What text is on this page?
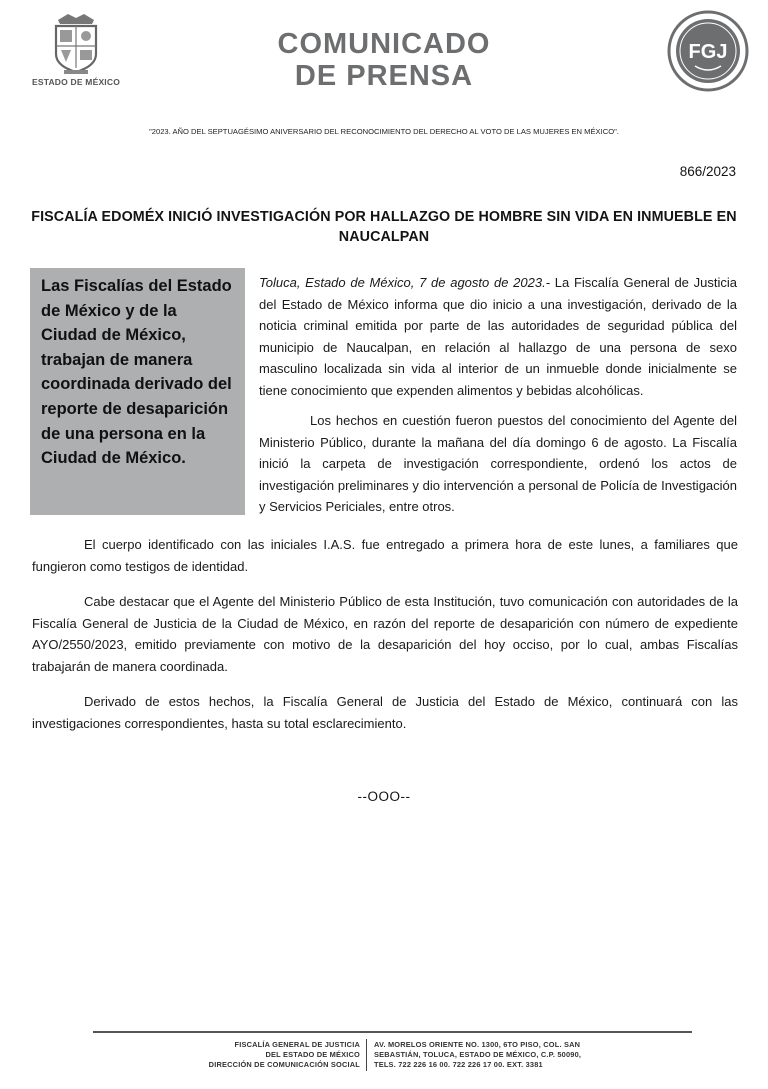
ESTADO DE MÉXICO
COMUNICADO
DE PRENSA
FGJ
"2023. AÑO DEL SEPTUAGÉSIMO ANIVERSARIO DEL RECONOCIMIENTO DEL DERECHO AL VOTO DE LAS MUJERES EN MÉXICO".
866/2023
FISCALÍA EDOMÉX INICIÓ INVESTIGACIÓN POR HALLAZGO DE HOMBRE SIN VIDA EN INMUEBLE EN NAUCALPAN

Las Fiscalías del Estado de México y de la Ciudad de México, trabajan de manera coordinada derivado del reporte de desaparición de una persona en la Ciudad de México.

Toluca, Estado de México, 7 de agosto de 2023.- La Fiscalía General de Justicia del Estado de México informa que dio inicio a una investigación, derivado de la noticia criminal emitida por parte de las autoridades de seguridad pública del municipio de Naucalpan, en relación al hallazgo de una persona de sexo masculino localizada sin vida al interior de un inmueble donde inicialmente se tiene conocimiento que expenden alimentos y bebidas alcohólicas.

Los hechos en cuestión fueron puestos del conocimiento del Agente del Ministerio Público, durante la mañana del día domingo 6 de agosto. La Fiscalía inició la carpeta de investigación correspondiente, ordenó los actos de investigación preliminares y dio intervención a personal de Policía de Investigación y Servicios Periciales, entre otros.

El cuerpo identificado con las iniciales I.A.S. fue entregado a primera hora de este lunes, a familiares que fungieron como testigos de identidad.

Cabe destacar que el Agente del Ministerio Público de esta Institución, tuvo comunicación con autoridades de la Fiscalía General de Justicia de la Ciudad de México, en razón del reporte de desaparición con número de expediente AYO/2550/2023, emitido previamente con motivo de la desaparición del hoy occiso, por lo cual, ambas Fiscalías trabajarán de manera coordinada.

Derivado de estos hechos, la Fiscalía General de Justicia del Estado de México, continuará con las investigaciones correspondientes, hasta su total esclarecimiento.

--OOO--
FISCALÍA GENERAL DE JUSTICIA
DEL ESTADO DE MÉXICO
DIRECCIÓN DE COMUNICACIÓN SOCIAL
AV. MORELOS ORIENTE NO. 1300, 6TO PISO, COL. SAN
SEBASTIÁN, TOLUCA, ESTADO DE MÉXICO, C.P. 50090,
TELS. 722 226 16 00. 722 226 17 00. EXT. 3381
